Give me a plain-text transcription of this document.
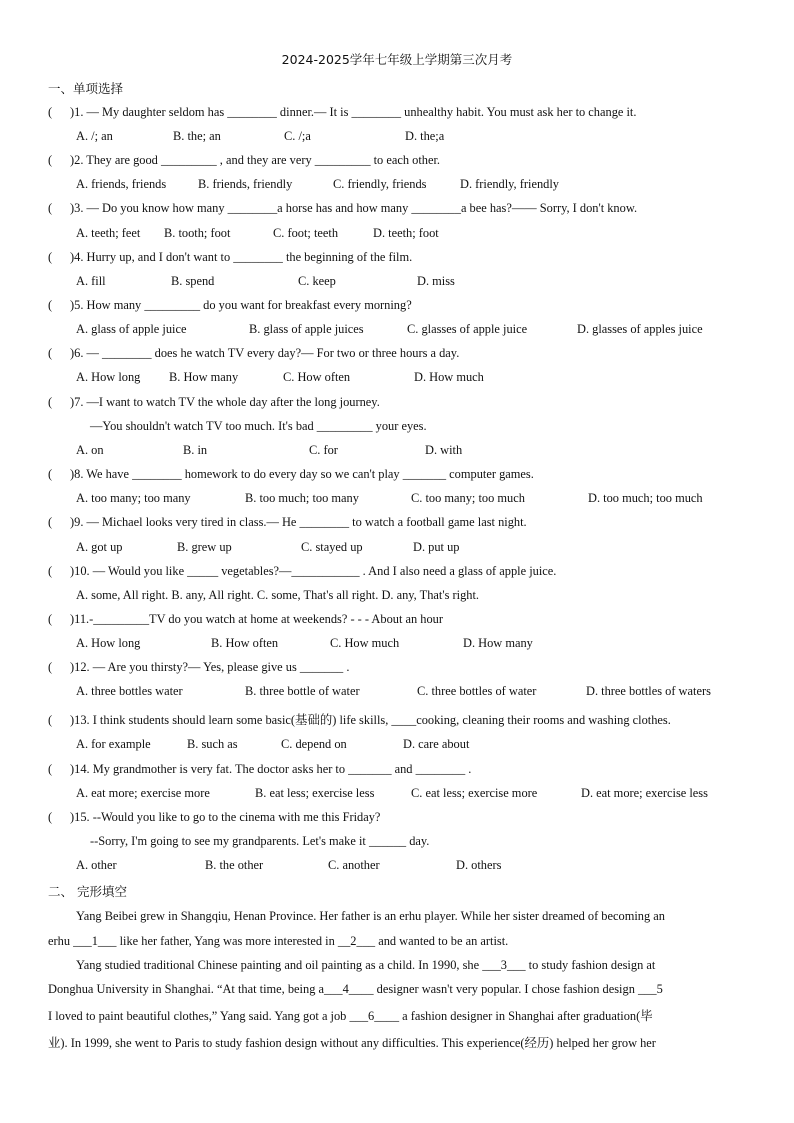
2024-2025学年七年级上学期第三次月考
一、单项选择
( )1. — My daughter seldom has ________ dinner.— It is ________ unhealthy habit. You must ask her to change it.
A. /; an	B. the; an	C. /;a	D. the;a
( )2. They are good _________ , and they are very _________ to each other.
A. friends, friends	B. friends, friendly	C. friendly, friends	D. friendly, friendly
( )3. — Do you know how many ________a horse has and how many ________a bee has?—— Sorry, I don't know.
A. teeth; feet B. tooth; foot	C. foot; teeth	D. teeth; foot
( )4. Hurry up, and I don't want to ________ the beginning of the film.
A. fill	B. spend	C. keep	D. miss
( )5. How many _________ do you want for breakfast every morning?
A. glass of apple juice	B. glass of apple juices	C. glasses of apple juice	D. glasses of apples juice
( )6. — ________ does he watch TV every day?— For two or three hours a day.
A. How long B. How many	C. How often	D. How much
( )7. —I want to watch TV the whole day after the long journey.
—You shouldn't watch TV too much. It's bad _________ your eyes.
A. on	B. in	C. for	D. with
( )8. We have ________ homework to do every day so we can't play _______ computer games.
A. too many; too many	B. too much; too many	C. too many; too much	D. too much; too much
( )9. — Michael looks very tired in class.— He ________ to watch a football game last night.
A. got up	B. grew up	C. stayed up	D. put up
( )10. — Would you like _____ vegetables?—___________ . And I also need a glass of apple juice.
A. some, All right. B. any, All right. C. some, That's all right. D. any, That's right.
( )11.-_________TV do you watch at home at weekends? - - - About an hour
A. How long	B. How often	C. How much	D. How many
( )12. — Are you thirsty?— Yes, please give us _______ .
A. three bottles water	B. three bottle of water	C. three bottles of water	D. three bottles of waters
( )13. I think students should learn some basic(基础的) life skills, ____cooking, cleaning their rooms and washing clothes.
A. for example	B. such as	C. depend on	D. care about
( )14. My grandmother is very fat. The doctor asks her to _______ and ________ .
A. eat more; exercise more	B. eat less; exercise less	C. eat less; exercise more	D. eat more; exercise less
( )15. --Would you like to go to the cinema with me this Friday?
--Sorry, I'm going to see my grandparents. Let's make it ______ day.
A. other	B. the other	C. another	D. others
二、 完形填空
Yang Beibei grew in Shangqiu, Henan Province. Her father is an erhu player. While her sister dreamed of becoming an
erhu ___1___ like her father, Yang was more interested in __2___ and wanted to be an artist.
Yang studied traditional Chinese painting and oil painting as a child. In 1990, she ___3___ to study fashion design at
Donghua University in Shanghai. “At that time, being a___4____ designer wasn't very popular. I chose fashion design ___5
I loved to paint beautiful clothes,” Yang said. Yang got a job ___6____ a fashion designer in Shanghai after graduation(毕
业). In 1999, she went to Paris to study fashion design without any difficulties. This experience(经历) helped her grow her
